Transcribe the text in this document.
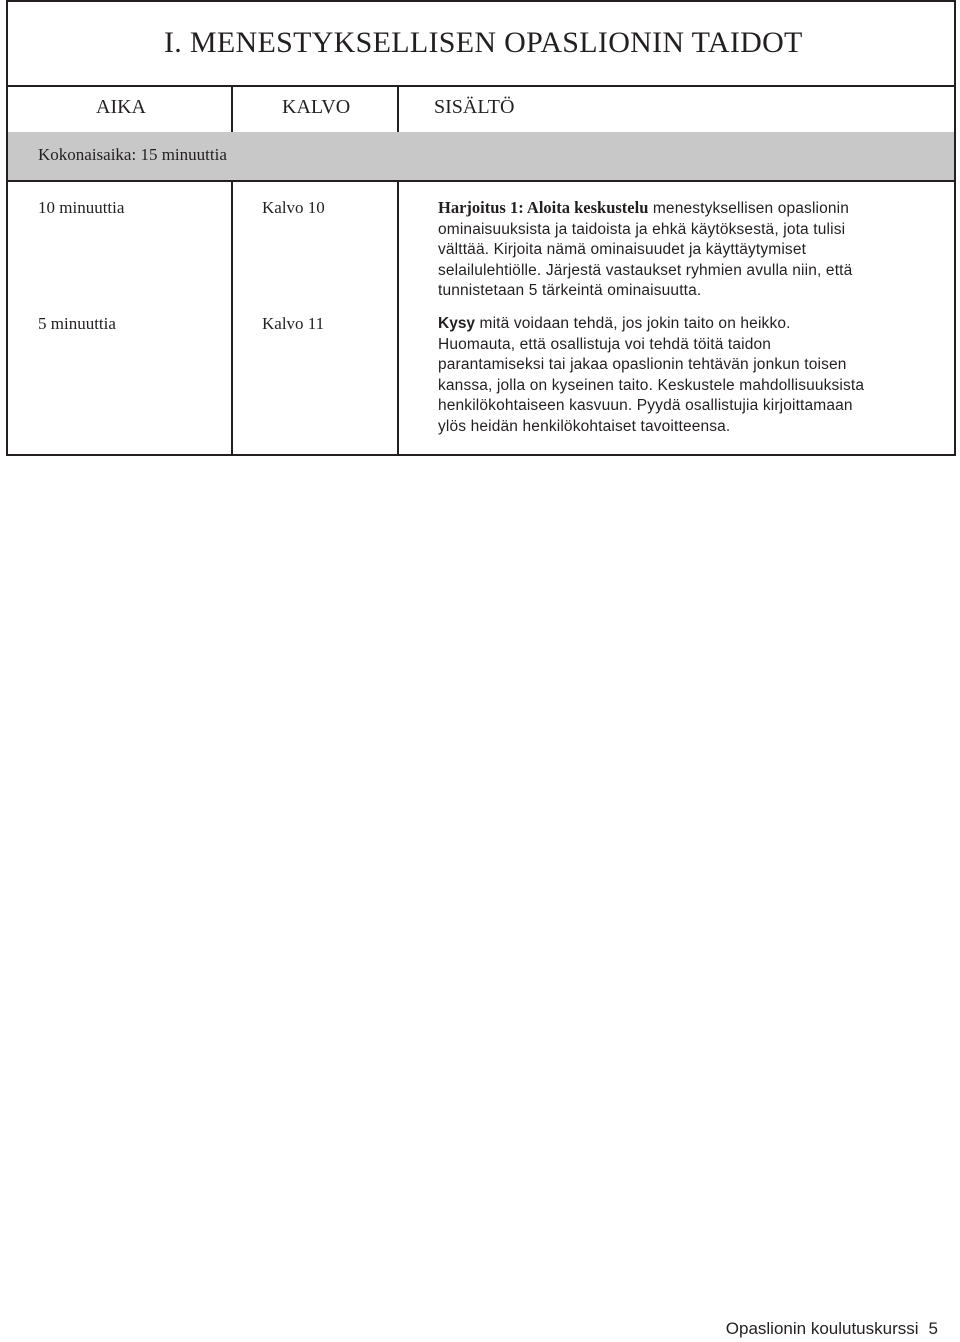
I. MENESTYKSELLISEN OPASLIONIN TAIDOT
AIKA	KALVO	SISÄLTÖ
Kokonaisaika: 15 minuuttia
10 minuuttia	Kalvo 10	Harjoitus 1: Aloita keskustelu menestyksellisen opaslionin
ominaisuuksista ja taidoista ja ehkä käytöksestä, jota tulisi
välttää. Kirjoita nämä ominaisuudet ja käyttäytymiset
selailulehtiölle. Järjestä vastaukset ryhmien avulla niin, että
tunnistetaan 5 tärkeintä ominaisuutta.
5 minuuttia	Kalvo 11	Kysy mitä voidaan tehdä, jos jokin taito on heikko.
Huomauta, että osallistuja voi tehdä töitä taidon
parantamiseksi tai jakaa opaslionin tehtävän jonkun toisen
kanssa, jolla on kyseinen taito. Keskustele mahdollisuuksista
henkilökohtaiseen kasvuun. Pyydä osallistujia kirjoittamaan
ylös heidän henkilökohtaiset tavoitteensa.
Opaslionin koulutuskurssi 5
